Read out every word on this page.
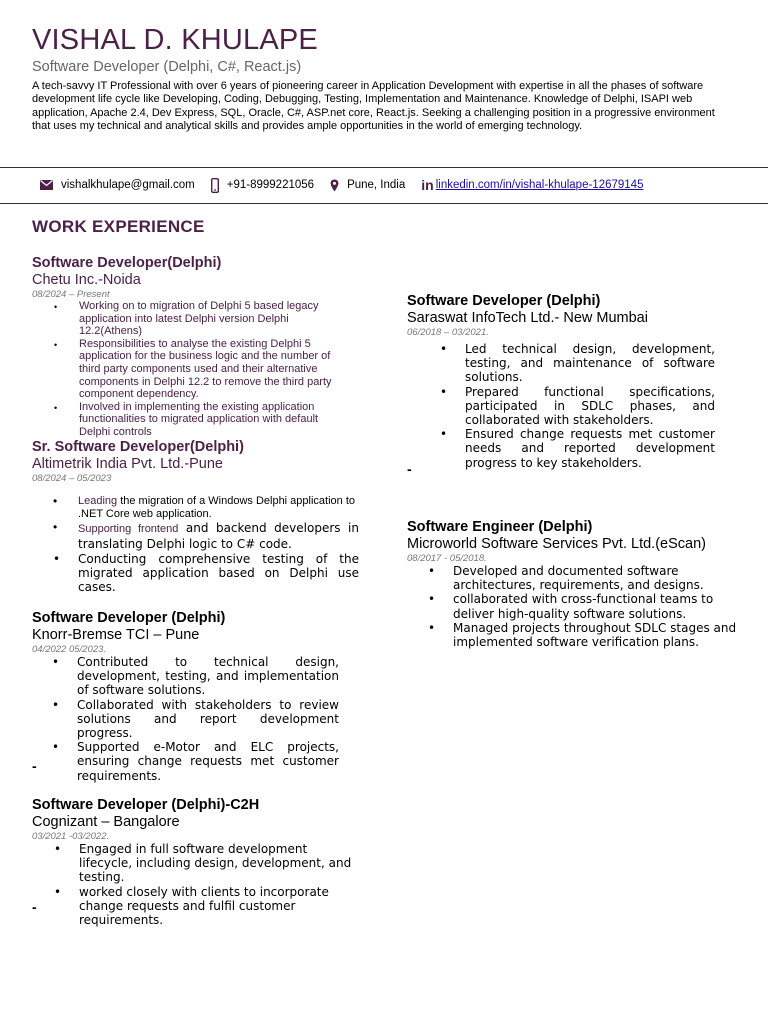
VISHAL D. KHULAPE
Software Developer (Delphi, C#, React.js)
A tech-savvy IT Professional with over 6 years of pioneering career in Application Development with expertise in all the phases of software development life cycle like Developing, Coding, Debugging, Testing, Implementation and Maintenance. Knowledge of Delphi, ISAPI web application, Apache 2.4, Dev Express, SQL, Oracle, C#, ASP.net core, React.js. Seeking a challenging position in a progressive environment that uses my technical and analytical skills and provides ample opportunities in the world of emerging technology.
vishalkhulape@gmail.com	+91-8999221056	Pune, India in linkedin.com/in/vishal-khulape-12679145
WORK EXPERIENCE
Software Developer(Delphi)
Chetu Inc.-Noida
08/2024 – Present
• Working on to migration of Delphi 5 based legacy application into latest Delphi version Delphi 12.2(Athens)
• Responsibilities to analyse the existing Delphi 5 application for the business logic and the number of third party components used and their alternative components in Delphi 12.2 to remove the third party component dependency.
• Involved in implementing the existing application functionalities to migrated application with default Delphi controls
Sr. Software Developer(Delphi)
Altimetrik India Pvt. Ltd.-Pune
08/2024 – 05/2023
• Leading the migration of a Windows Delphi application to .NET Core web application.
• Supporting frontend and backend developers in translating Delphi logic to C# code.
• Conducting comprehensive testing of the migrated application based on Delphi use cases.
Software Developer (Delphi)
Knorr-Bremse TCI – Pune
04/2022 05/2023.
• Contributed to technical design, development, testing, and implementation of software solutions.
• Collaborated with stakeholders to review solutions and report development progress.
• Supported e-Motor and ELC projects, ensuring change requests met customer requirements.
-
Software Developer (Delphi)-C2H
Cognizant – Bangalore
03/2021 -03/2022.
• Engaged in full software development lifecycle, including design, development, and testing.
• worked closely with clients to incorporate change requests and fulfil customer requirements.
-
Software Developer (Delphi)
Saraswat InfoTech Ltd.- New Mumbai
06/2018 – 03/2021.
• Led technical design, development, testing, and maintenance of software solutions.
• Prepared functional specifications, participated in SDLC phases, and collaborated with stakeholders.
• Ensured change requests met customer needs and reported development progress to key stakeholders.
-
Software Engineer (Delphi)
Microworld Software Services Pvt. Ltd.(eScan)
08/2017 - 05/2018.
• Developed and documented software architectures, requirements, and designs.
• collaborated with cross-functional teams to deliver high-quality software solutions.
• Managed projects throughout SDLC stages and implemented software verification plans.
